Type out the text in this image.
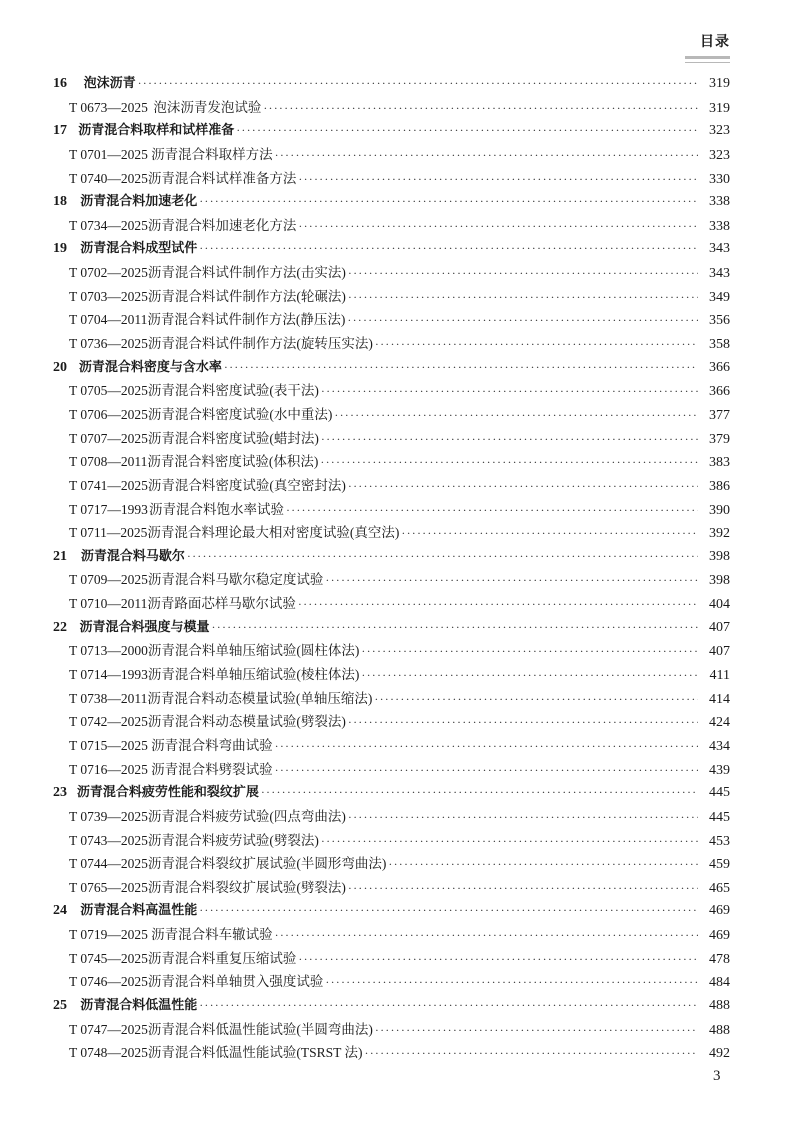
目录
16	泡沫沥青 ·····	319
T 0673—2025 泡沫沥青发泡试验 ·····	319
17 沥青混合料取样和试样准备 ·····	323
T 0701—2025 沥青混合料取样方法 ·····	323
T 0740—2025 沥青混合料试样准备方法 ·····	330
18	沥青混合料加速老化 ·····	338
T 0734—2025 沥青混合料加速老化方法 ·····	338
19	沥青混合料成型试件 ·····	343
T 0702—2025 沥青混合料试件制作方法(击实法) ·····	343
T 0703—2025 沥青混合料试件制作方法(轮碾法) ·····	349
T 0704—2011 沥青混合料试件制作方法(静压法) ·····	356
T 0736—2025 沥青混合料试件制作方法(旋转压实法) ·····	358
20 沥青混合料密度与含水率 ·····	366
T 0705—2025 沥青混合料密度试验(表干法) ·····	366
T 0706—2025 沥青混合料密度试验(水中重法) ·····	377
T 0707—2025 沥青混合料密度试验(蜡封法) ·····	379
T 0708—2011 沥青混合料密度试验(体积法) ·····	383
T 0741—2025 沥青混合料密度试验(真空密封法) ·····	386
T 0717—1993 沥青混合料饱水率试验 ·····	390
T 0711—2025 沥青混合料理论最大相对密度试验(真空法) ·····	392
21	沥青混合料马歇尔 ·····	398
T 0709—2025 沥青混合料马歇尔稳定度试验 ·····	398
T 0710—2011 沥青路面芯样马歇尔试验 ·····	404
22 沥青混合料强度与模量 ·····	407
T 0713—2000 沥青混合料单轴压缩试验(圆柱体法) ·····	407
T 0714—1993 沥青混合料单轴压缩试验(棱柱体法) ·····	411
T 0738—2011 沥青混合料动态模量试验(单轴压缩法) ·····	414
T 0742—2025 沥青混合料动态模量试验(劈裂法) ·····	424
T 0715—2025 沥青混合料弯曲试验 ·····	434
T 0716—2025 沥青混合料劈裂试验 ·····	439
23 沥青混合料疲劳性能和裂纹扩展 ·····	445
T 0739—2025 沥青混合料疲劳试验(四点弯曲法) ·····	445
T 0743—2025 沥青混合料疲劳试验(劈裂法) ·····	453
T 0744—2025 沥青混合料裂纹扩展试验(半圆形弯曲法) ·····	459
T 0765—2025 沥青混合料裂纹扩展试验(劈裂法) ·····	465
24	沥青混合料高温性能 ·····	469
T 0719—2025 沥青混合料车辙试验 ·····	469
T 0745—2025 沥青混合料重复压缩试验 ·····	478
T 0746—2025 沥青混合料单轴贯入强度试验 ·····	484
25	沥青混合料低温性能 ·····	488
T 0747—2025 沥青混合料低温性能试验(半圆弯曲法) ·····	488
T 0748—2025 沥青混合料低温性能试验(TSRST 法) ·····	492
3
